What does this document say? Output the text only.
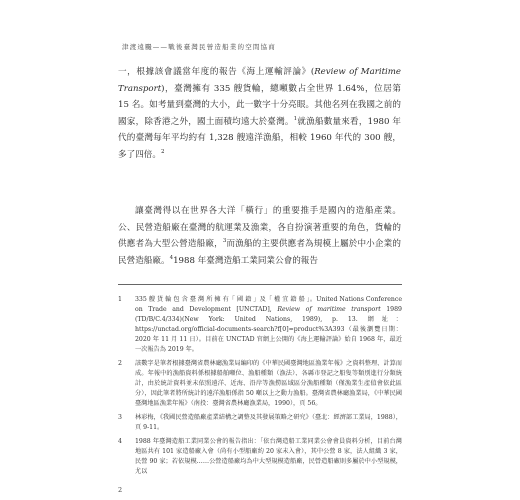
津渡遠颺——戰後臺灣民營造船業的空間協商
一，根據該會議當年度的報告《海上運輸評論》(Review of Maritime Transport)，臺灣擁有 335 艘貨輪，總噸數占全世界 1.64%，位居第 15 名。如考量到臺灣的大小，此一數字十分亮眼。其他名列在我國之前的國家，除香港之外，國土面積均遠大於臺灣。$^1$就漁船數量來看，1980 年代的臺灣每年平均約有 1,328 艘遠洋漁船，相較 1960 年代的 300 艘，多了四倍。$^2$
讓臺灣得以在世界各大洋「橫行」的重要推手是國內的造船產業。公、民營造船廠在臺灣的航運業及漁業，各自扮演著重要的角色，貨輪的供應者為大型公營造船廠，$^3$而漁船的主要供應者為規模上屬於中小企業的民營造船廠。$^4$1988 年臺灣造船工業同業公會的報告
1 335 艘 貨 輪 包 含 臺 灣 所 擁 有「 國 籍 」及「 權 宜 籍 船 」。United Nations Conference on Trade and Development [UNCTAD], Review of maritime transport 1989 (TD/B/C.4/334)(New York: United Nations, 1989), p. 13. 網址：https://unctad.org/official-documents-search?f[0]=product%3A393（最後瀏覽日期：2020 年 11 月 11 日）。目前在 UNCTAD 官網上公開的《海上運輸評論》始自 1968 年，最近一次報告為 2019 年。
2 該數字是筆者根據臺灣省農林廳漁業局編印的《中華民國臺灣地區漁業年報》之資料整理、計算而成。年報中的漁船資料係根據船舶噸位、漁船種類（漁法）、各縣市登記之船隻等類別進行分類統計，由於統計資料並未依照遠洋、近海、沿岸等漁撈區域區分漁船種類（僅漁業生產值會依此區分），因此筆者將所統計的遠洋漁船係指 50 噸以上之動力漁船。臺灣省農林廳漁業局，《中華民國臺灣地區漁業年報》（南投：臺灣省農林廳漁業局，1990），頁 56。
3 林彩梅，《我國民營造船廠產業結構之調整及其發展策略之研究》（臺北：經濟部工業局，1988），頁 9-11。
4 1988 年臺灣造船工業同業公會的報告指出：「依台灣造船工業同業公會會員資料分析，目前台灣地區共有 101 家造船廠入會（尚有小型船廠約 20 家未入會），其中公營 8 家，法人組織 3 家，民營 90 家；若依規模……公營造船廠均為中大型規模造船廠，民營造船廠則多屬於中小型規模，尤以
2
